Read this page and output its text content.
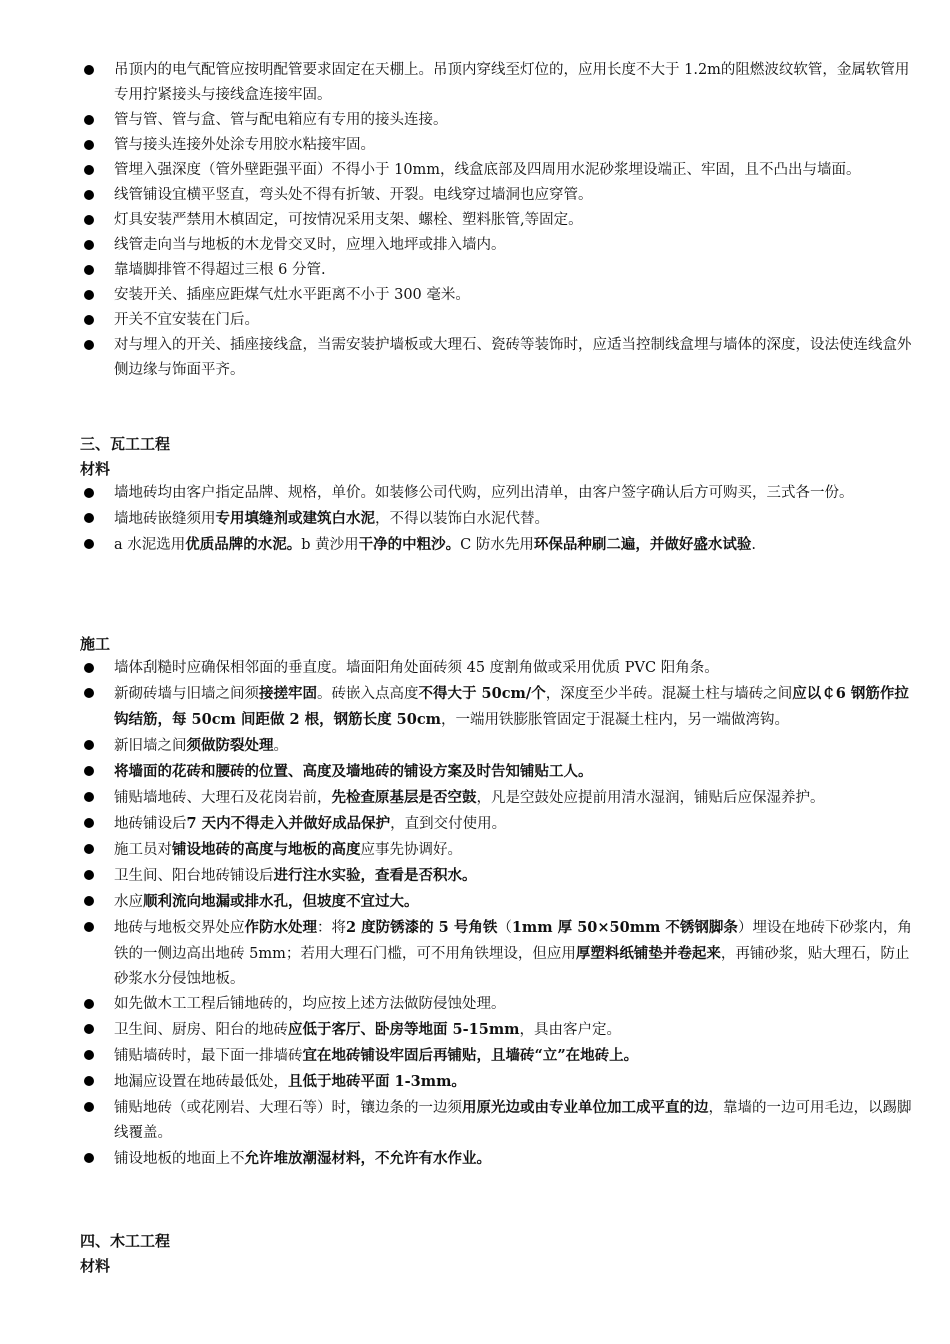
吊顶内的电气配管应按明配管要求固定在天棚上。吊顶内穿线至灯位的，应用长度不大于 1.2m的阻燃波纹软管，金属软管用专用拧紧接头与接线盒连接牢固。
管与管、管与盒、管与配电箱应有专用的接头连接。
管与接头连接外处涂专用胶水粘接牢固。
管埋入强深度（管外壁距强平面）不得小于 10mm，线盒底部及四周用水泥砂浆埋设端正、牢固，且不凸出与墙面。
线管铺设宜横平竖直，弯头处不得有折皱、开裂。电线穿过墙洞也应穿管。
灯具安装严禁用木槙固定，可按情况采用支架、螺栓、塑料胀管,等固定。
线管走向当与地板的木龙骨交叉时，应埋入地坪或排入墙内。
靠墙脚排管不得超过三根 6 分管.
安装开关、插座应距煤气灶水平距离不小于 300 毫米。
开关不宜安装在门后。
对与埋入的开关、插座接线盒，当需安装护墙板或大理石、瓷砖等装饰时，应适当控制线盒埋与墙体的深度，设法使连线盒外侧边缘与饰面平齐。
三、瓦工工程
材料
墙地砖均由客户指定品牌、规格，单价。如装修公司代购，应列出清单，由客户签字确认后方可购买，三式各一份。
墙地砖嵌缝须用专用填缝剂或建筑白水泥，不得以装饰白水泥代替。
a 水泥选用优质品牌的水泥。b 黄沙用干净的中粗沙。C 防水先用环保品种刷二遍，并做好盛水试验.
施工
墙体刮糙时应确保相邻面的垂直度。墙面阳角处面砖须 45 度割角做或采用优质 PVC 阳角条。
新砌砖墙与旧墙之间须接搓牢固。砖嵌入点高度不得大于 50cm/个，深度至少半砖。混凝土柱与墙砖之间应以￠6 钢筋作拉钩结筋，每 50cm 间距做 2 根，钢筋长度 50cm，一端用铁膨胀管固定于混凝土柱内，另一端做湾钩。
新旧墙之间须做防裂处理。
将墙面的花砖和腰砖的位置、高度及墙地砖的铺设方案及时告知铺贴工人。
铺贴墙地砖、大理石及花岗岩前，先检查原基层是否空鼓，凡是空鼓处应提前用清水湿润，铺贴后应保湿养护。
地砖铺设后7 天内不得走入并做好成品保护，直到交付使用。
施工员对铺设地砖的高度与地板的高度应事先协调好。
卫生间、阳台地砖铺设后进行注水实验，查看是否积水。
水应顺利流向地漏或排水孔，但坡度不宜过大。
地砖与地板交界处应作防水处理：将2 度防锈漆的 5 号角铁（1mm 厚 50×50mm 不锈钢脚条）埋设在地砖下砂浆内，角铁的一侧边高出地砖 5mm；若用大理石门槛，可不用角铁埋设，但应用厚塑料纸铺垫并卷起来，再铺砂浆，贴大理石，防止砂浆水分侵蚀地板。
如先做木工工程后铺地砖的，均应按上述方法做防侵蚀处理。
卫生间、厨房、阳台的地砖应低于客厅、卧房等地面 5-15mm，具由客户定。
铺贴墙砖时，最下面一排墙砖宜在地砖铺设牢固后再铺贴，且墙砖“立”在地砖上。
地漏应设置在地砖最低处，且低于地砖平面 1-3mm。
铺贴地砖（或花刚岩、大理石等）时，镶边条的一边须用原光边或由专业单位加工成平直的边，靠墙的一边可用毛边，以踢脚线覆盖。
铺设地板的地面上不允许堆放潮湿材料，不允许有水作业。
四、木工工程
材料
